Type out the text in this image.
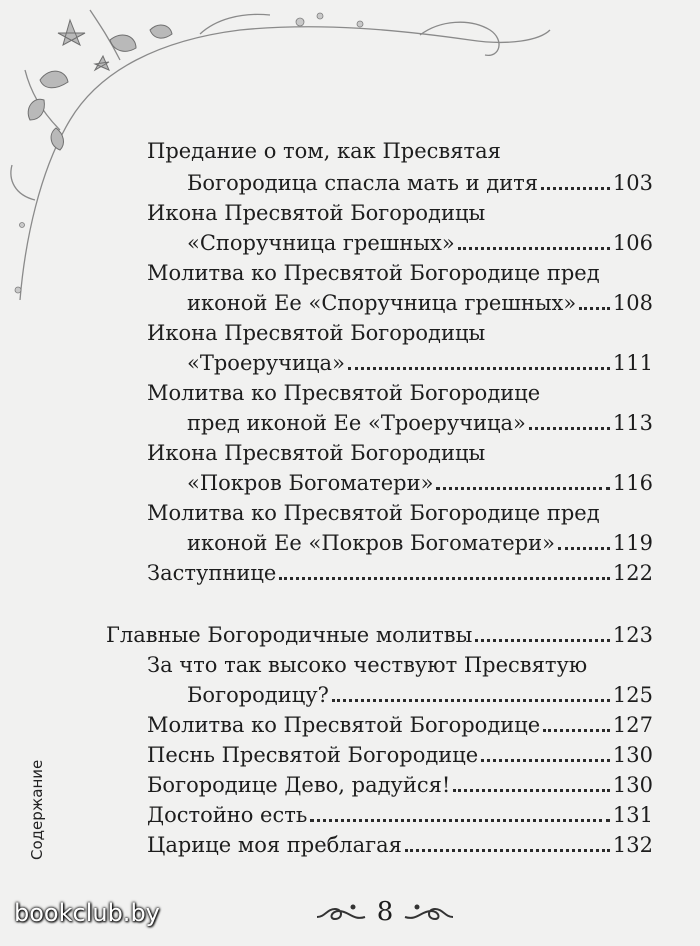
Предание о том, как Пресвятая
Богородица спасла мать и дитя	103
Икона Пресвятой Богородицы
«Споручница грешных»	106
Молитва ко Пресвятой Богородице пред
иконой Ее «Споручница грешных» 108
Икона Пресвятой Богородицы
«Троеручица»	111
Молитва ко Пресвятой Богородице
пред иконой Ее «Троеручица»	113
Икона Пресвятой Богородицы
«Покров Богоматери»	116
Молитва ко Пресвятой Богородице пред
иконой Ее «Покров Богоматери»	119
Заступнице	122
Главные Богородичные молитвы	123
За что так высоко чествуют Пресвятую
Богородицу?	125
Молитва ко Пресвятой Богородице	127
Песнь Пресвятой Богородице	130
Богородице Дево, радуйся!	130
Достойно есть	131
Царице моя преблагая	132
Содержание
8
bookclub.by
